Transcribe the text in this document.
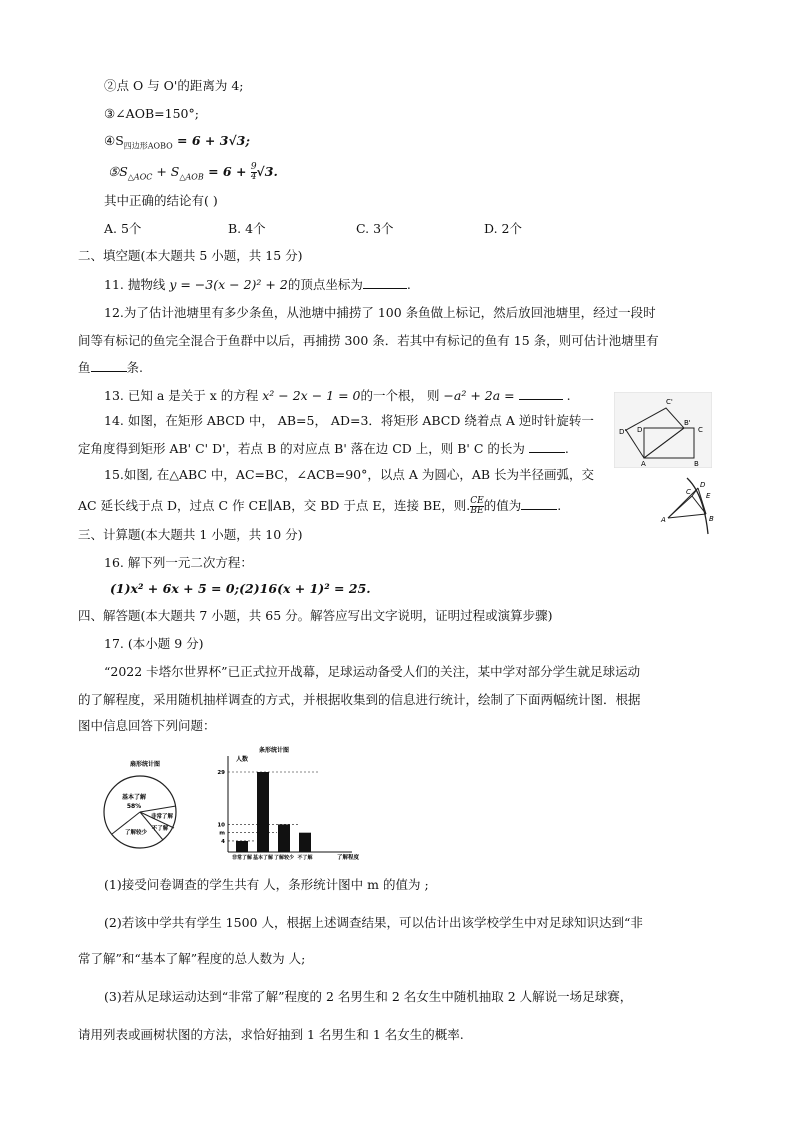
②点 O 与 O'的距离为 4;
③∠AOB=150°;
$④S_{四边形AOBO} = 6 + 3√3$;
$⑤S_{\triangle AOC} + S_{\triangle AOB} = 6 + \frac{9}{4} √3$.
其中正确的结论有( )
A. 5个	B. 4个	C. 3个	D. 2个
二、填空题(本大题共 5 小题，共 15 分)
11. 抛物线 y = −3(x − 2)² + 2的顶点坐标为	.
12.为了估计池塘里有多少条鱼，从池塘中捕捞了 100 条鱼做上标记，然后放回池塘里，经过一段时
间等有标记的鱼完全混合于鱼群中以后，再捕捞 300 条．若其中有标记的鱼有 15 条，则可估计池塘里有
鱼	条.
13. 已知 a 是关于 x 的方程 x² − 2x − 1 = 0的一个根， 则 −a² + 2a =	.
14. 如图，在矩形 ABCD 中， AB=5， AD=3．将矩形 ABCD 绕着点 A 逆时针旋转一
定角度得到矩形 AB' C' D'，若点 B 的对应点 B' 落在边 CD 上，则 B' C 的长为	.
15.如图, 在△ABC 中，AC=BC，∠ACB=90°，以点 A 为圆心，AB 长为半径画弧，交
AC 延长线于点 D，过点 C 作 CE∥AB，交 BD 于点 E，连接 BE，则. $\frac{CE}{BE}$ 的值为	.
C'
D' D
B'
C
A	B
C
D
E
A	B
三、计算题(本大题共 1 小题，共 10 分)
16. 解下列一元二次方程：
(1)x² + 6x + 5 = 0;(2)16(x + 1)² = 25.
四、解答题(本大题共 7 小题，共 65 分。解答应写出文字说明，证明过程或演算步骤)
17. (本小题 9 分)
“2022 卡塔尔世界杯”已正式拉开战幕，足球运动备受人们的关注，某中学对部分学生就足球运动
的了解程度，采用随机抽样调查的方式，并根据收集到的信息进行统计，绘制了下面两幅统计图．根据
图中信息回答下列问题：
扇形统计图
基本了解
58%
非常了解
不了解
了解较少
条形统计图
人数
了解程度
4
m
10
29
非常了解 基本了解 了解较少 不了解
(1)接受问卷调查的学生共有 人，条形统计图中 m 的值为 ;
(2)若该中学共有学生 1500 人，根据上述调查结果，可以估计出该学校学生中对足球知识达到“非
常了解”和“基本了解”程度的总人数为 人;
(3)若从足球运动达到“非常了解”程度的 2 名男生和 2 名女生中随机抽取 2 人解说一场足球赛，
请用列表或画树状图的方法，求恰好抽到 1 名男生和 1 名女生的概率.
